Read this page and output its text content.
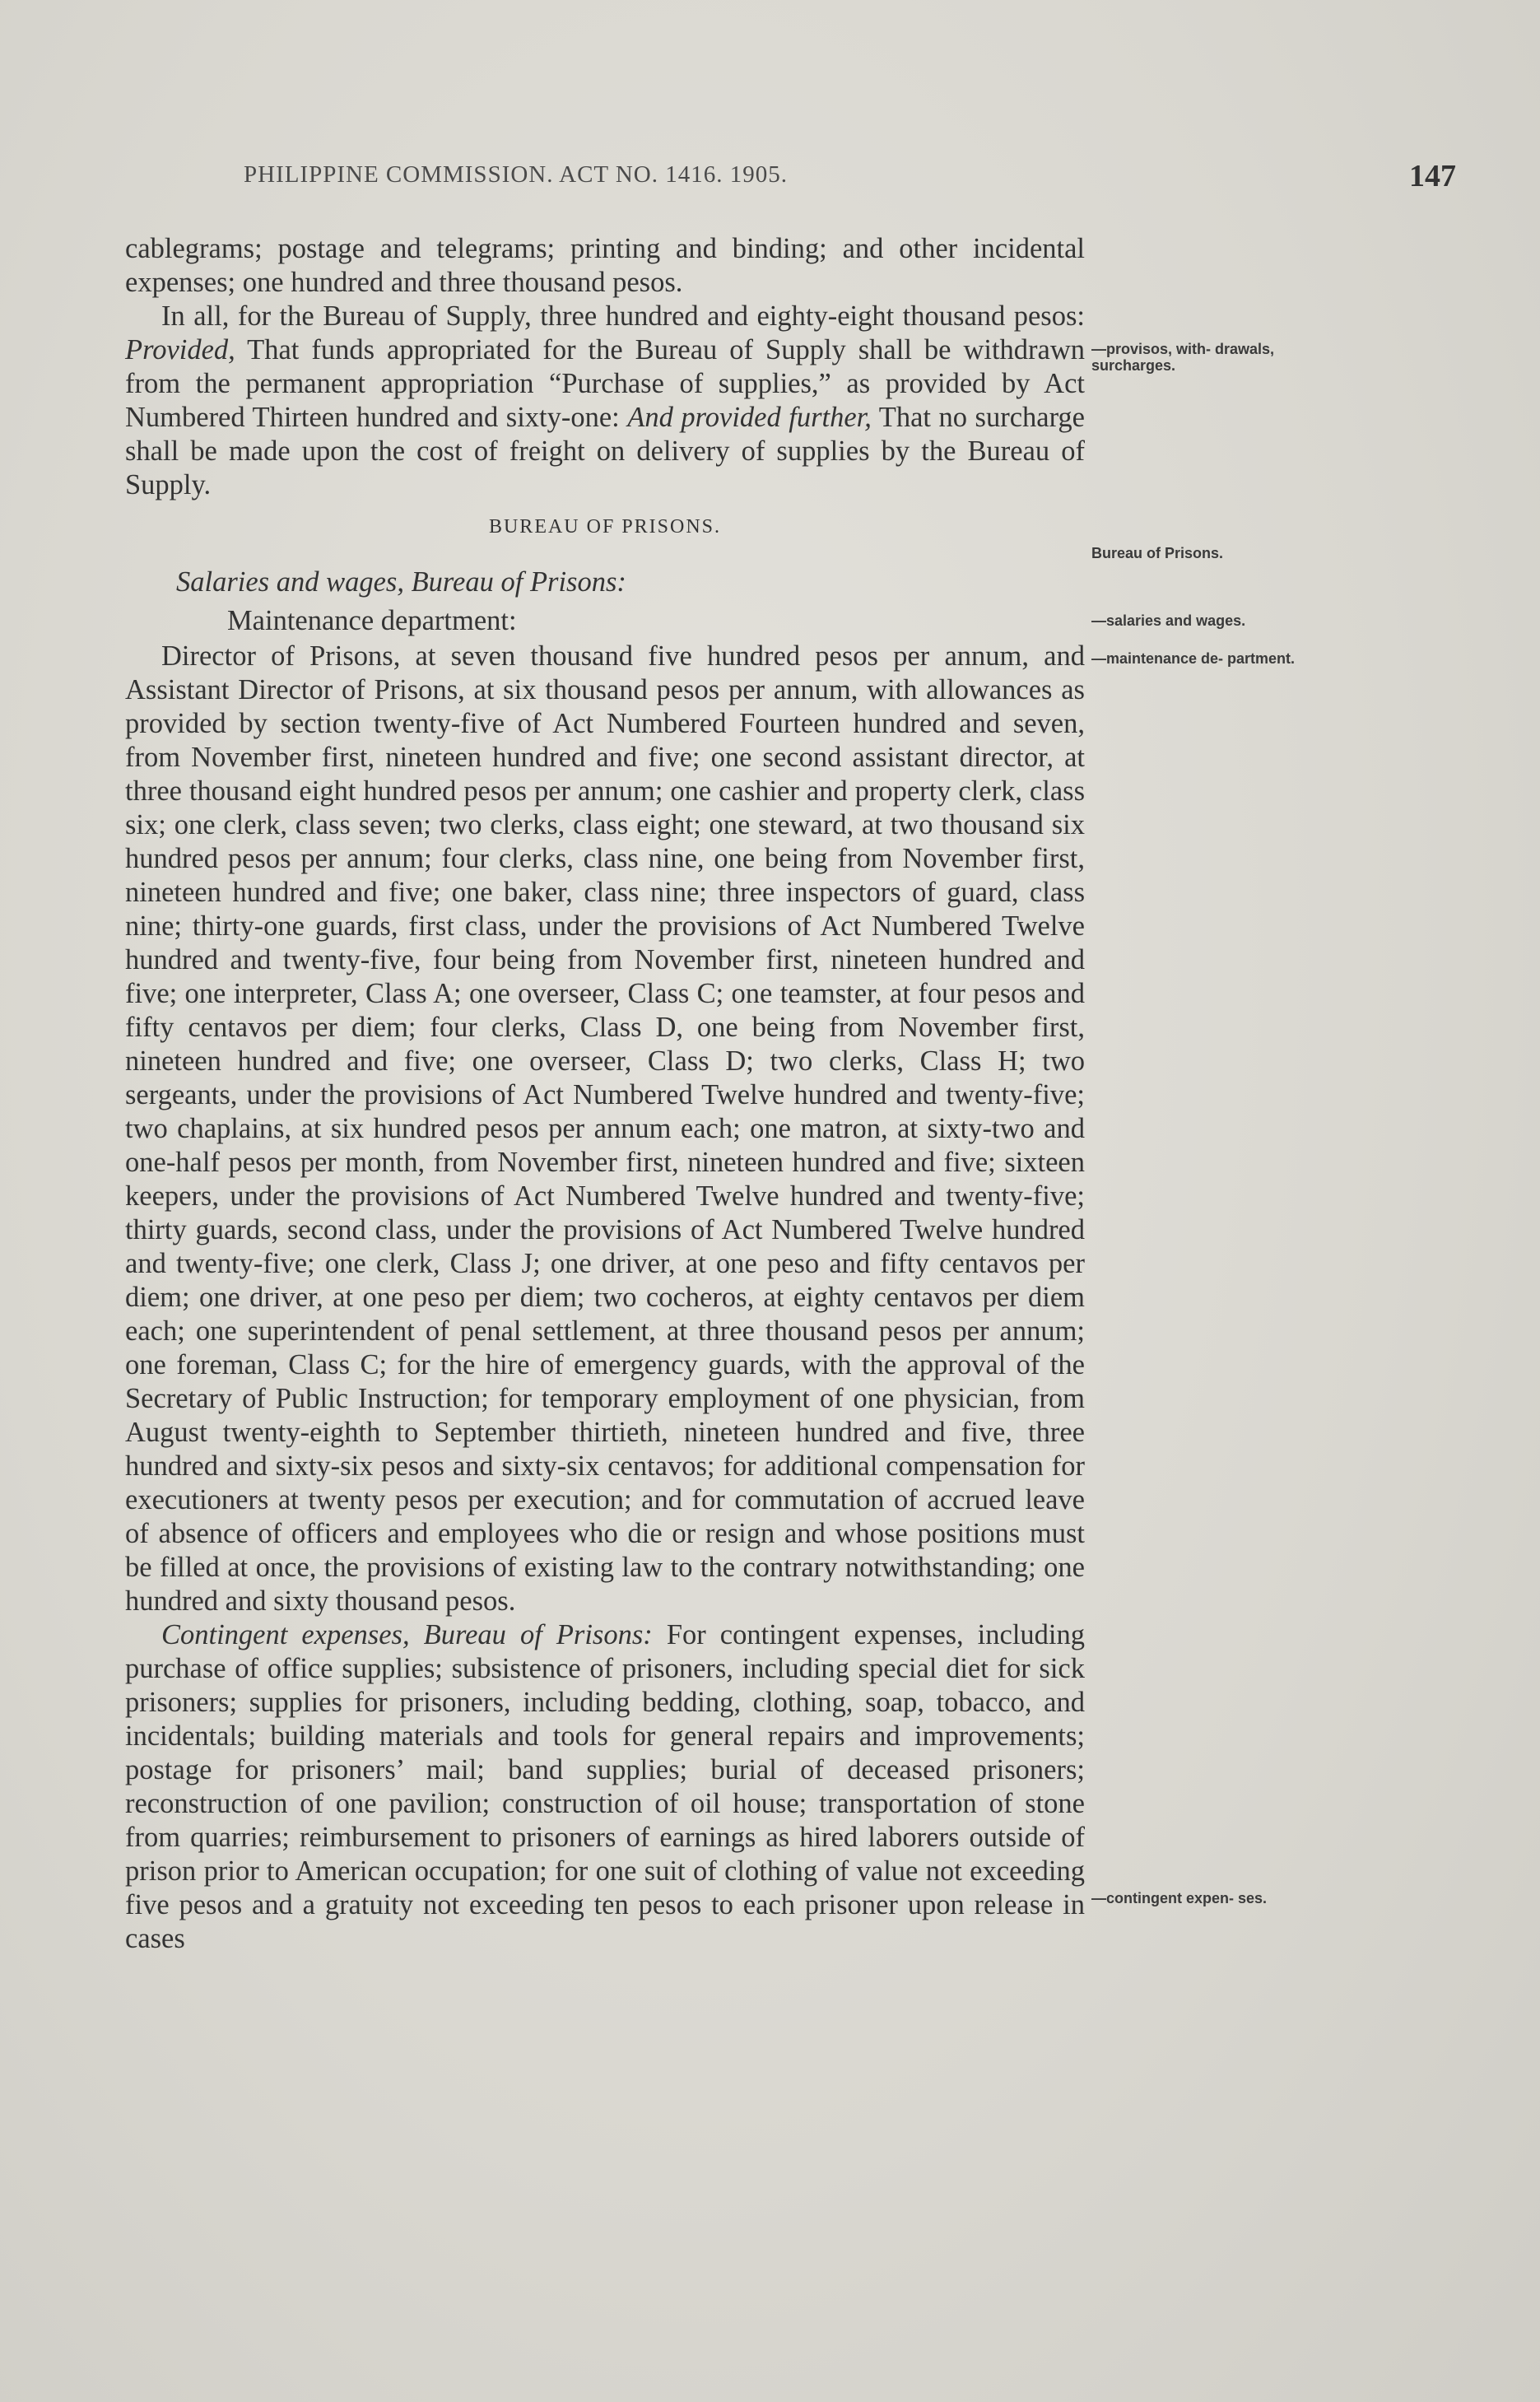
PHILIPPINE COMMISSION. ACT NO. 1416. 1905.	147
—provisos, with- drawals, surcharges.
Bureau of Prisons.
—salaries and wages.
—maintenance de- partment.
—contingent expen- ses.

cablegrams; postage and telegrams; printing and binding; and other incidental expenses; one hundred and three thousand pesos.

In all, for the Bureau of Supply, three hundred and eighty-eight thousand pesos: Provided, That funds appropriated for the Bureau of Supply shall be withdrawn from the permanent appropriation “Purchase of supplies,” as provided by Act Numbered Thirteen hundred and sixty-one: And provided further, That no surcharge shall be made upon the cost of freight on delivery of supplies by the Bureau of Supply.

BUREAU OF PRISONS.

Salaries and wages, Bureau of Prisons:

Maintenance department:

Director of Prisons, at seven thousand five hundred pesos per annum, and Assistant Director of Prisons, at six thousand pesos per annum, with allowances as provided by section twenty-five of Act Numbered Fourteen hundred and seven, from November first, nineteen hundred and five; one second assistant director, at three thousand eight hundred pesos per annum; one cashier and property clerk, class six; one clerk, class seven; two clerks, class eight; one steward, at two thousand six hundred pesos per annum; four clerks, class nine, one being from November first, nineteen hundred and five; one baker, class nine; three inspectors of guard, class nine; thirty-one guards, first class, under the provisions of Act Numbered Twelve hundred and twenty-five, four being from November first, nineteen hundred and five; one interpreter, Class A; one overseer, Class C; one teamster, at four pesos and fifty centavos per diem; four clerks, Class D, one being from November first, nineteen hundred and five; one overseer, Class D; two clerks, Class H; two sergeants, under the provisions of Act Numbered Twelve hundred and twenty-five; two chaplains, at six hundred pesos per annum each; one matron, at sixty-two and one-half pesos per month, from November first, nineteen hundred and five; sixteen keepers, under the provisions of Act Numbered Twelve hundred and twenty-five; thirty guards, second class, under the provisions of Act Numbered Twelve hundred and twenty-five; one clerk, Class J; one driver, at one peso and fifty centavos per diem; one driver, at one peso per diem; two cocheros, at eighty centavos per diem each; one superintendent of penal settlement, at three thousand pesos per annum; one foreman, Class C; for the hire of emergency guards, with the approval of the Secretary of Public Instruction; for temporary employment of one physician, from August twenty-eighth to September thirtieth, nineteen hundred and five, three hundred and sixty-six pesos and sixty-six centavos; for additional compensation for executioners at twenty pesos per execution; and for commutation of accrued leave of absence of officers and employees who die or resign and whose positions must be filled at once, the provisions of existing law to the contrary notwithstanding; one hundred and sixty thousand pesos.

Contingent expenses, Bureau of Prisons: For contingent expenses, including purchase of office supplies; subsistence of prisoners, including special diet for sick prisoners; supplies for prisoners, including bedding, clothing, soap, tobacco, and incidentals; building materials and tools for general repairs and improvements; postage for prisoners’ mail; band supplies; burial of deceased prisoners; reconstruction of one pavilion; construction of oil house; transportation of stone from quarries; reimbursement to prisoners of earnings as hired laborers outside of prison prior to American occupation; for one suit of clothing of value not exceeding five pesos and a gratuity not exceeding ten pesos to each prisoner upon release in cases
